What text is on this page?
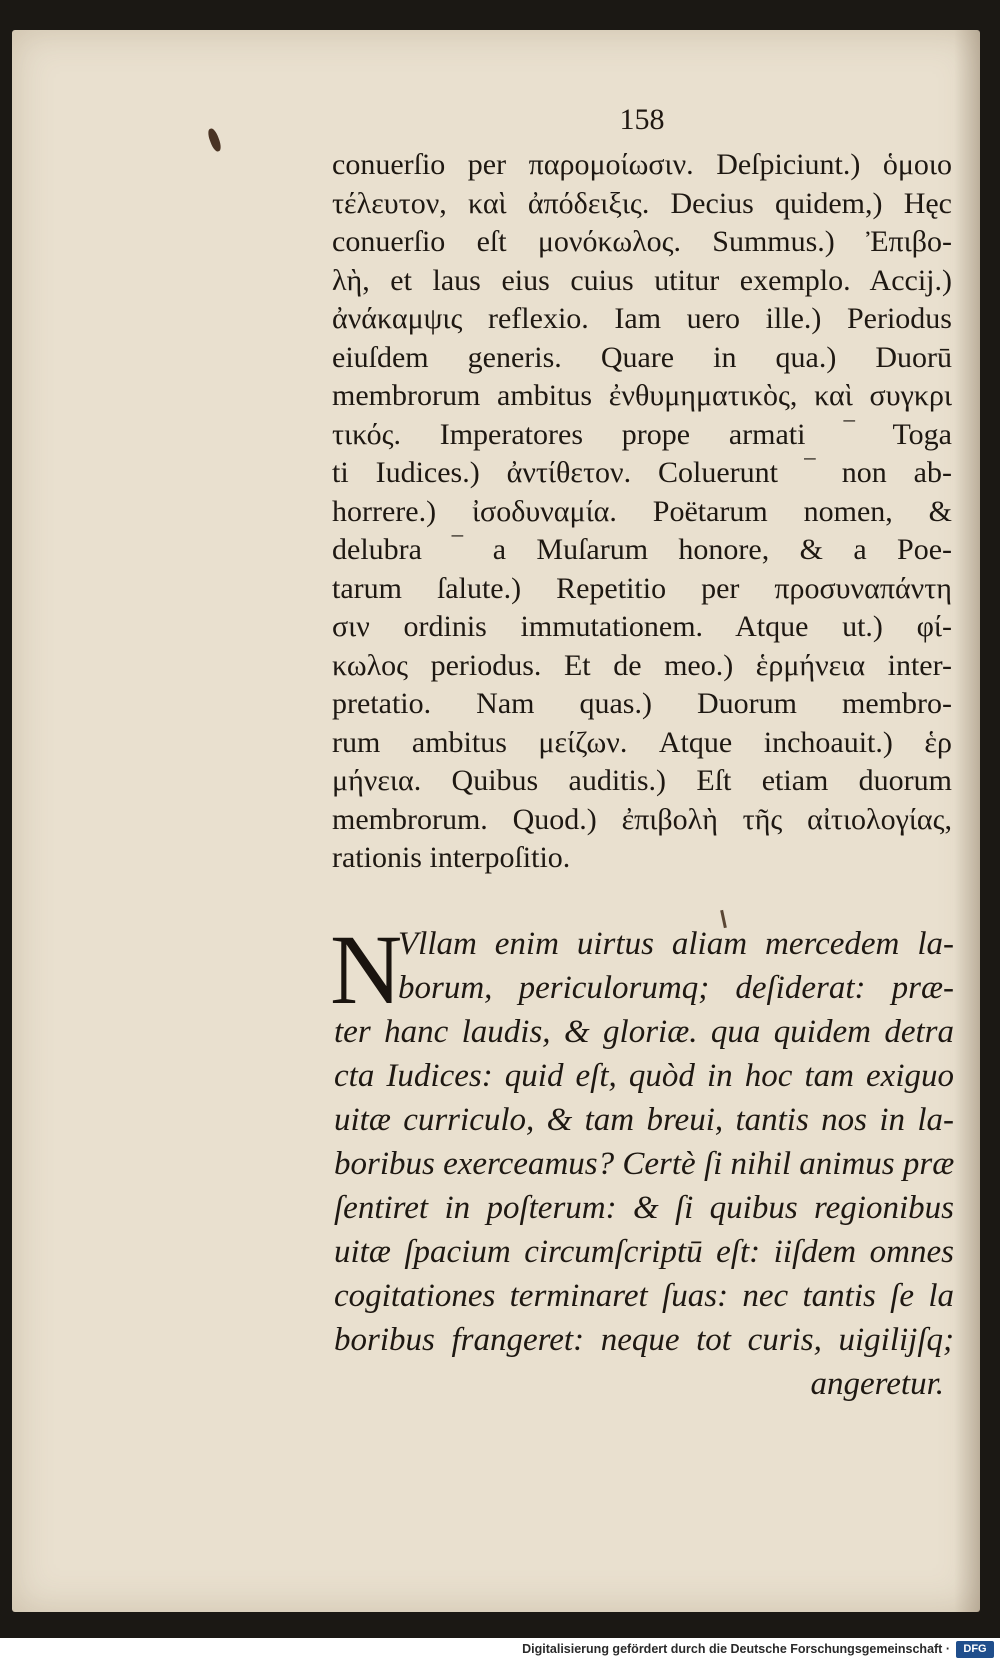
158
conuerſio per παρομοίωσιν. Deſpiciunt.) ὁμοιο
τέλευτον, καὶ ἀπόδειξις. Decius quidem,) Hęc
conuerſio eſt μονόκωλος. Summus.) Ἐπιβο-
λὴ, et laus eius cuius utitur exemplo. Accij.)
ἀνάκαμψις reflexio. Iam uero ille.) Periodus
eiuſdem generis. Quare in qua.) Duorū
membrorum ambitus ἐνθυμηματικὸς, καὶ συγκρι
τικός. Imperatores prope armati ‾ Toga
ti Iudices.) ἀντίθετον. Coluerunt ‾ non ab-
horrere.) ἰσοδυναμία. Poëtarum nomen, &
delubra ‾ a Muſarum honore, & a Poe-
tarum ſalute.) Repetitio per προσυναπάντη
σιν ordinis immutationem. Atque ut.) φί-
κωλος periodus. Et de meo.) ἑρμήνεια inter-
pretatio. Nam quas.) Duorum membro-
rum ambitus μείζων. Atque inchoauit.) ἑρ
μήνεια. Quibus auditis.) Eſt etiam duorum
membrorum. Quod.) ἐπιβολὴ τῆς αἰτιολογίας,
rationis interpoſitio.
N
Vllam enim uirtus aliam mercedem la-
borum, periculorumq; deſiderat: præ-
ter hanc laudis, & gloriæ. qua quidem detra
cta Iudices: quid eſt, quòd in hoc tam exiguo
uitæ curriculo, & tam breui, tantis nos in la-
boribus exerceamus? Certè ſi nihil animus præ
ſentiret in poſterum: & ſi quibus regionibus
uitæ ſpacium circumſcriptū eſt: iiſdem omnes
cogitationes terminaret ſuas: nec tantis ſe la
boribus frangeret: neque tot curis, uigilijſq;
angeretur.
Digitalisierung gefördert durch die Deutsche Forschungsgemeinschaft ·	DFG
